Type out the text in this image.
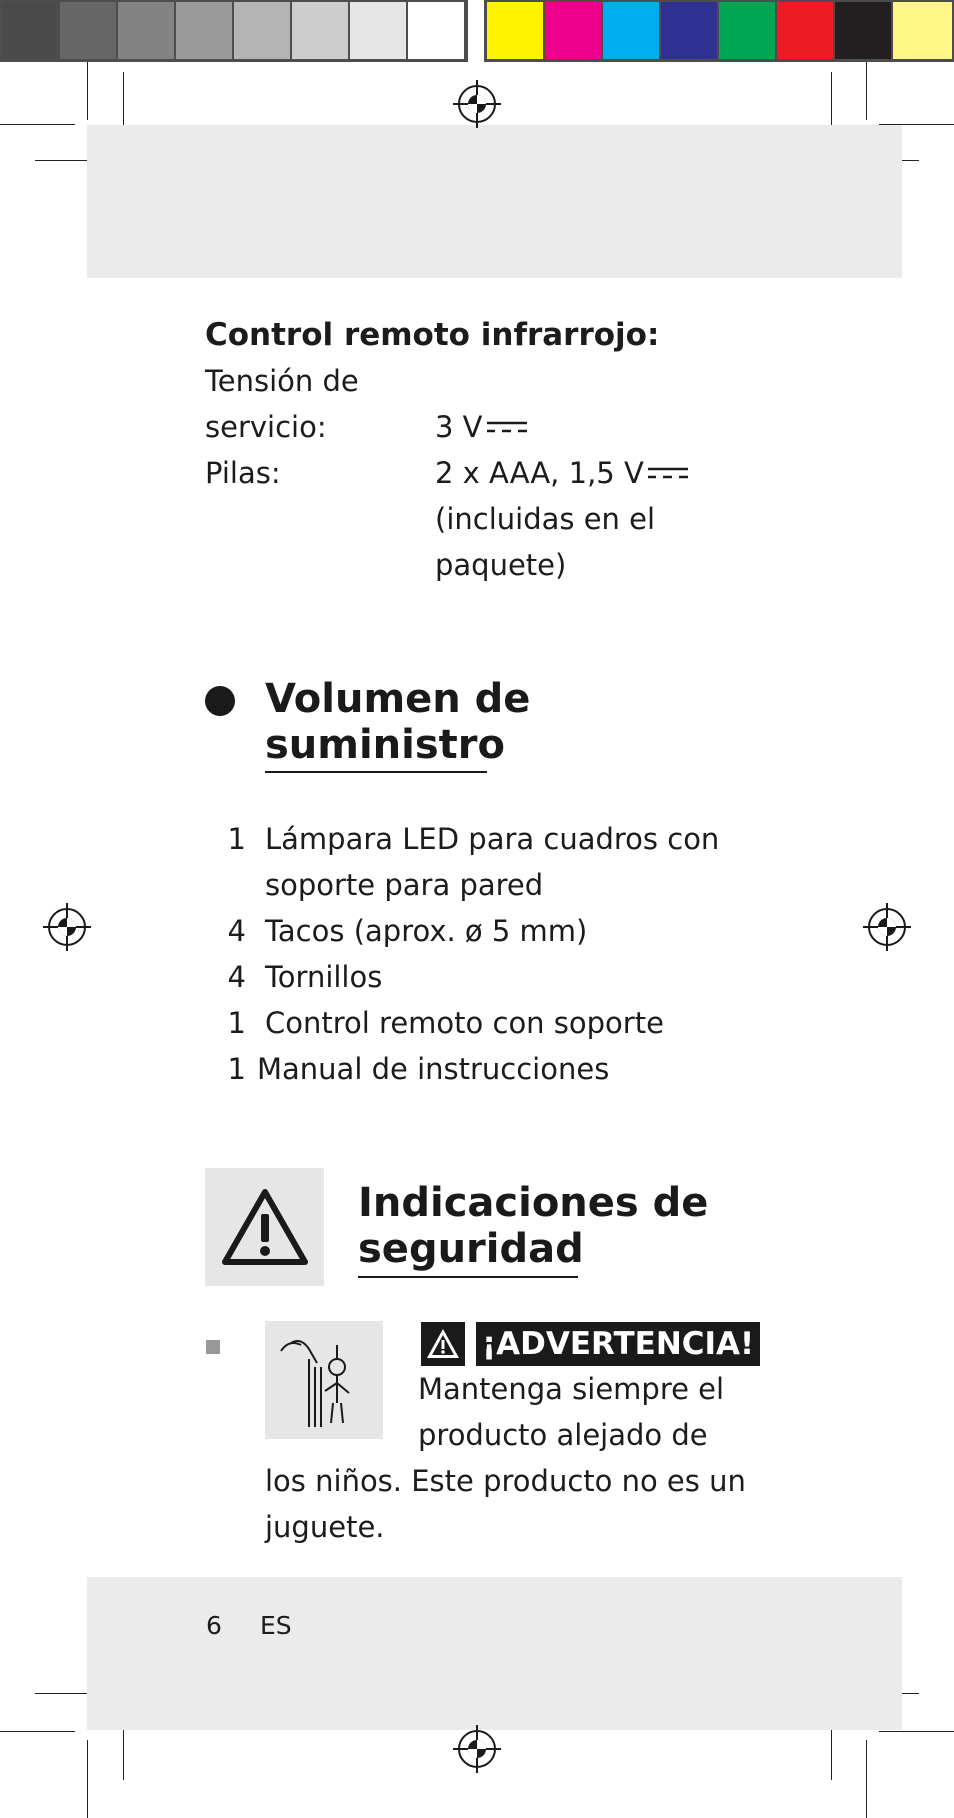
Control remoto infrarrojo:
Tensión de
servicio:	3 V
Pilas:	2 x AAA, 1,5 V
(incluidas en el
paquete)
Volumen de
suministro
1 Lámpara LED para cuadros con
soporte para pared
4 Tacos (aprox. ø 5 mm)
4 Tornillos
1 Control remoto con soporte
1 Manual de instrucciones
Indicaciones de
seguridad
¡ADVERTENCIA!
Mantenga siempre el
producto alejado de
los niños. Este producto no es un
juguete.
6 ES
